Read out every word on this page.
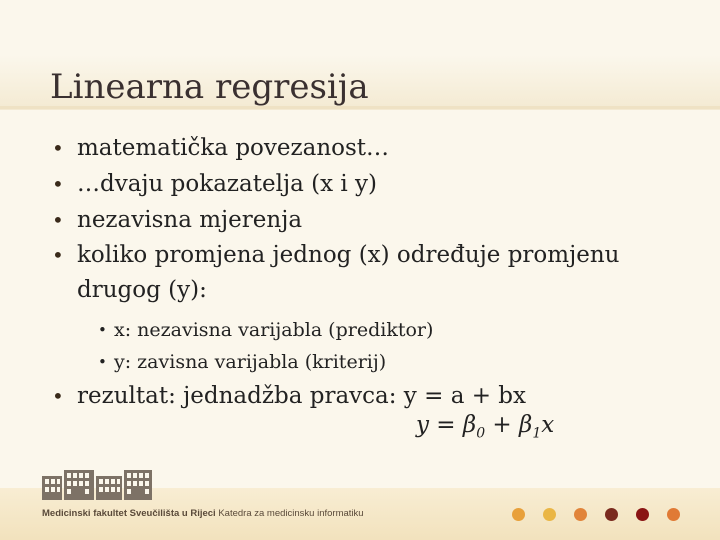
Linearna regresija
• matematička povezanost…
• …dvaju pokazatelja (x i y)
• nezavisna mjerenja
• koliko promjena jednog (x) određuje promjenu drugog (y):
• x: nezavisna varijabla (prediktor)
• y: zavisna varijabla (kriterij)
• rezultat: jednadžba pravca: y = a + bx
$y = \beta_0 + \beta_1x$
Medicinski fakultet Sveučilišta u Rijeci Katedra za medicinsku informatiku
